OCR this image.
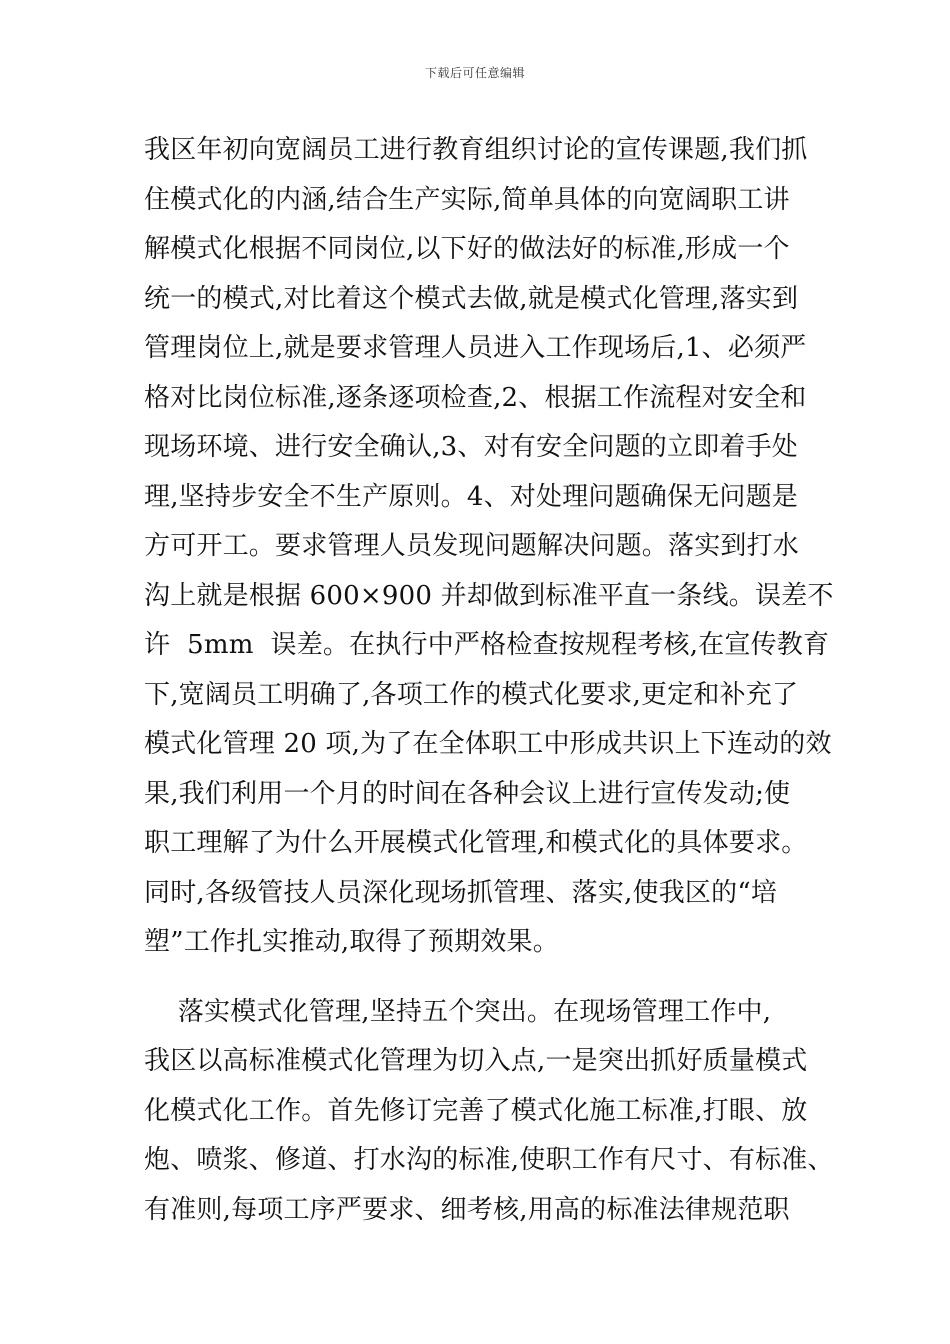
下载后可任意编辑
我区年初向宽阔员工进行教育组织讨论的宣传课题,我们抓
住模式化的内涵,结合生产实际,简单具体的向宽阔职工讲
解模式化根据不同岗位,以下好的做法好的标准,形成一个
统一的模式,对比着这个模式去做,就是模式化管理,落实到
管理岗位上,就是要求管理人员进入工作现场后,1、必须严
格对比岗位标准,逐条逐项检查,2、根据工作流程对安全和
现场环境、进行安全确认,3、对有安全问题的立即着手处
理,坚持步安全不生产原则。4、对处理问题确保无问题是
方可开工。要求管理人员发现问题解决问题。落实到打水
沟上就是根据 600×900 并却做到标准平直一条线。误差不
许  5mm  误差。在执行中严格检查按规程考核,在宣传教育
下,宽阔员工明确了,各项工作的模式化要求,更定和补充了
模式化管理 20 项,为了在全体职工中形成共识上下连动的效
果,我们利用一个月的时间在各种会议上进行宣传发动;使
职工理解了为什么开展模式化管理,和模式化的具体要求。
同时,各级管技人员深化现场抓管理、落实,使我区的“培
塑”工作扎实推动,取得了预期效果。
落实模式化管理,坚持五个突出。在现场管理工作中,
我区以高标准模式化管理为切入点,一是突出抓好质量模式
化模式化工作。首先修订完善了模式化施工标准,打眼、放
炮、喷浆、修道、打水沟的标准,使职工作有尺寸、有标准、
有准则,每项工序严要求、细考核,用高的标准法律规范职
